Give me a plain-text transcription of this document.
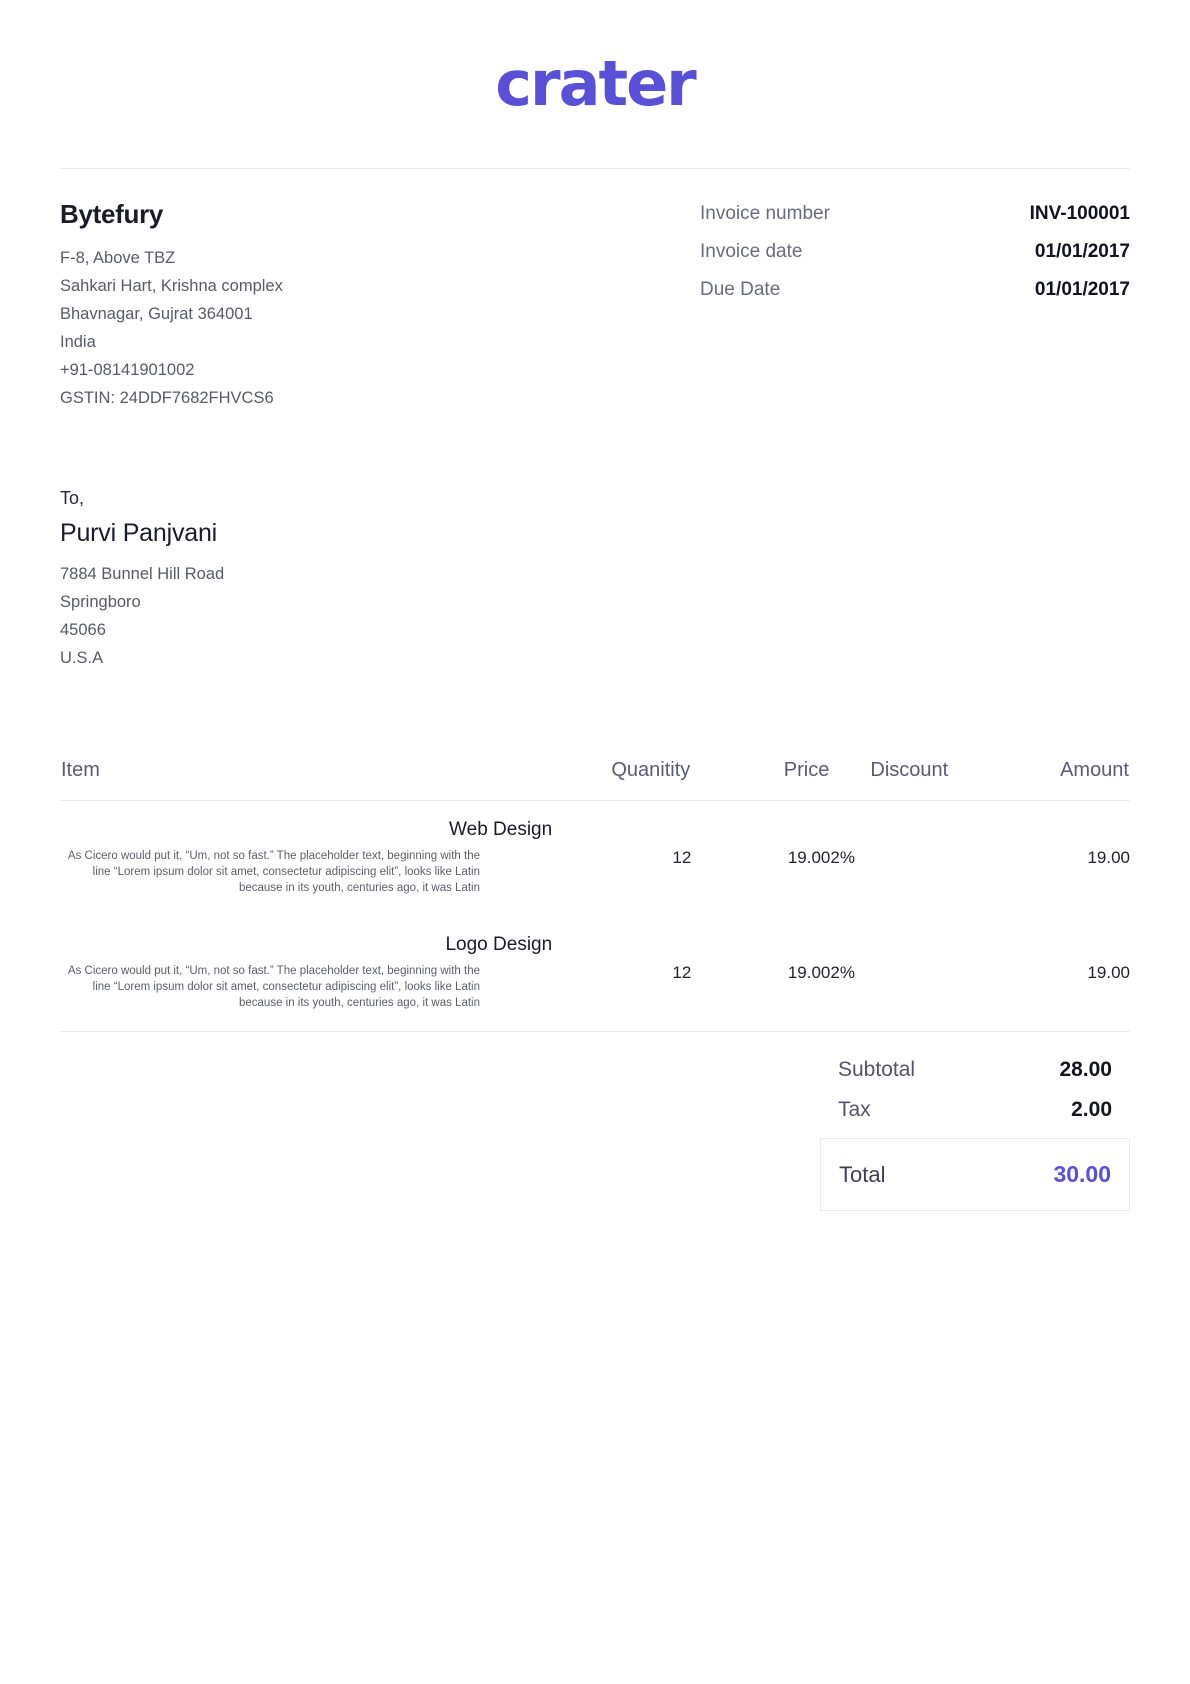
crater
Bytefury
F-8, Above TBZ
Sahkari Hart, Krishna complex
Bhavnagar, Gujrat 364001
India
+91-08141901002
GSTIN: 24DDF7682FHVCS6
Invoice number	INV-100001
Invoice date	01/01/2017
Due Date	01/01/2017
To,
Purvi Panjvani
7884 Bunnel Hill Road
Springboro
45066
U.S.A
Item	Quanitity	Price	Discount	Amount

Web Design
As Cicero would put it, “Um, not so fast.” The placeholder text, beginning with the line “Lorem ipsum dolor sit amet, consectetur adipiscing elit”, looks like Latin because in its youth, centuries ago, it was Latin	12	19.00	2%	19.00

Logo Design
As Cicero would put it, “Um, not so fast.” The placeholder text, beginning with the line “Lorem ipsum dolor sit amet, consectetur adipiscing elit”, looks like Latin because in its youth, centuries ago, it was Latin	12	19.00	2%	19.00
Subtotal	28.00
Tax	2.00
Total	30.00
